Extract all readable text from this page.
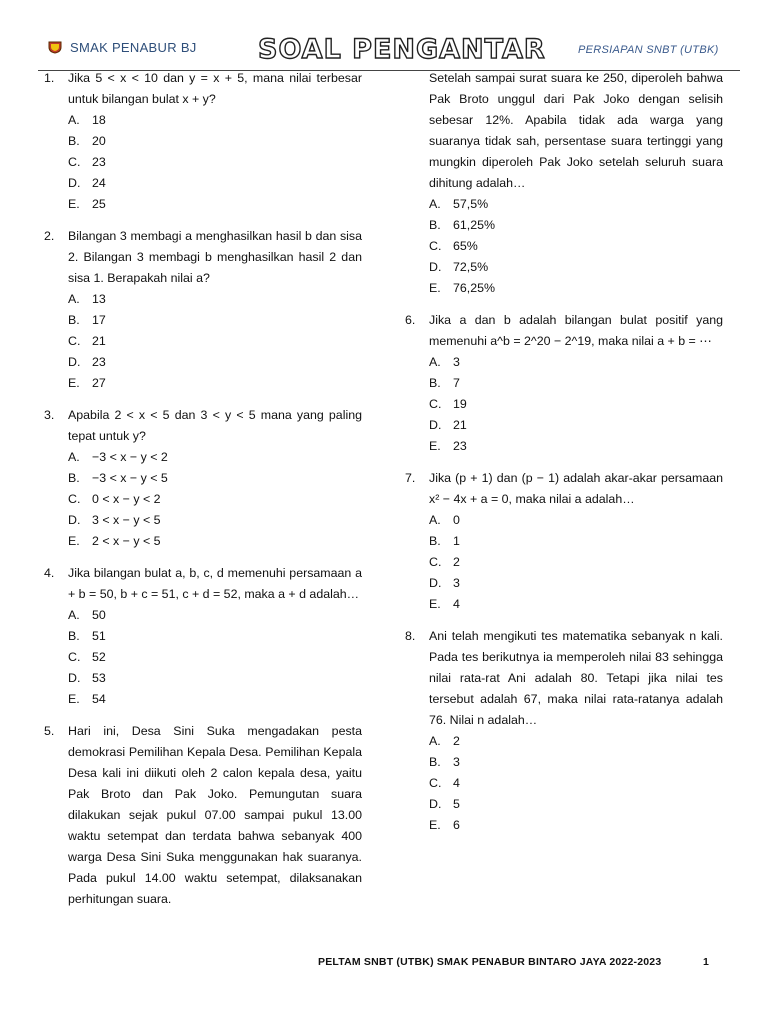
SMAK PENABUR BJ SOAL PENGANTAR	PERSIAPAN SNBT (UTBK)
1. Jika 5 < x < 10 dan y = x + 5, mana nilai terbesar untuk bilangan bulat x + y?
A. 18
B. 20
C. 23
D. 24
E. 25
2. Bilangan 3 membagi a menghasilkan hasil b dan sisa 2. Bilangan 3 membagi b menghasilkan hasil 2 dan sisa 1. Berapakah nilai a?
A. 13
B. 17
C. 21
D. 23
E. 27
3. Apabila 2 < x < 5 dan 3 < y < 5 mana yang paling tepat untuk y?
A. −3 < x − y < 2
B. −3 < x − y < 5
C. 0 < x − y < 2
D. 3 < x − y < 5
E. 2 < x − y < 5
4. Jika bilangan bulat a, b, c, d memenuhi persamaan a + b = 50, b + c = 51, c + d = 52, maka a + d adalah…
A. 50
B. 51
C. 52
D. 53
E. 54
5. Hari ini, Desa Sini Suka mengadakan pesta demokrasi Pemilihan Kepala Desa. Pemilihan Kepala Desa kali ini diikuti oleh 2 calon kepala desa, yaitu Pak Broto dan Pak Joko. Pemungutan suara dilakukan sejak pukul 07.00 sampai pukul 13.00 waktu setempat dan terdata bahwa sebanyak 400 warga Desa Sini Suka menggunakan hak suaranya. Pada pukul 14.00 waktu setempat, dilaksanakan perhitungan suara.
Setelah sampai surat suara ke 250, diperoleh bahwa Pak Broto unggul dari Pak Joko dengan selisih sebesar 12%. Apabila tidak ada warga yang suaranya tidak sah, persentase suara tertinggi yang mungkin diperoleh Pak Joko setelah seluruh suara dihitung adalah…
A. 57,5%
B. 61,25%
C. 65%
D. 72,5%
E. 76,25%
6. Jika a dan b adalah bilangan bulat positif yang memenuhi a^b = 2^20 − 2^19, maka nilai a + b = ⋯
A. 3
B. 7
C. 19
D. 21
E. 23
7. Jika (p + 1) dan (p − 1) adalah akar-akar persamaan x² − 4x + a = 0, maka nilai a adalah…
A. 0
B. 1
C. 2
D. 3
E. 4
8. Ani telah mengikuti tes matematika sebanyak n kali. Pada tes berikutnya ia memperoleh nilai 83 sehingga nilai rata-rat Ani adalah 80. Tetapi jika nilai tes tersebut adalah 67, maka nilai rata-ratanya adalah 76. Nilai n adalah…
A. 2
B. 3
C. 4
D. 5
E. 6
PELTAM SNBT (UTBK) SMAK PENABUR BINTARO JAYA 2022-2023	1
